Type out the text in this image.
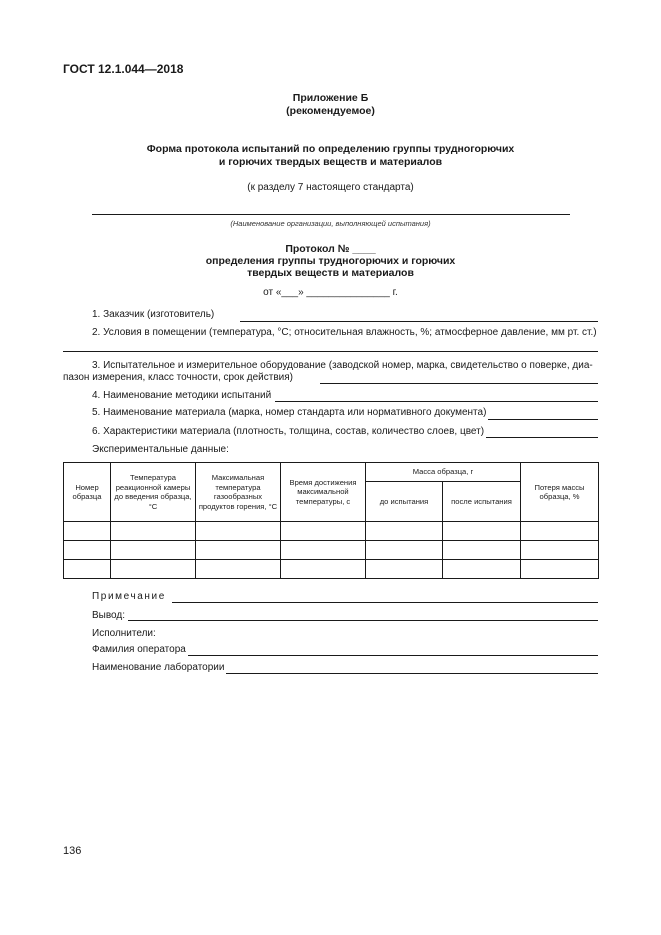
ГОСТ 12.1.044—2018
Приложение Б
(рекомендуемое)
Форма протокола испытаний по определению группы трудногорючих
и горючих твердых веществ и материалов
(к разделу 7 настоящего стандарта)
(Наименование организации, выполняющей испытания)
Протокол № ____
определения группы трудногорючих и горючих
твердых веществ и материалов
от «___» _______________ г.
1. Заказчик (изготовитель)
2. Условия в помещении (температура, °С; относительная влажность, %; атмосферное давление, мм рт. ст.)
3. Испытательное и измерительное оборудование (заводской номер, марка, свидетельство о поверке, диа-
пазон измерения, класс точности, срок действия)
4. Наименование методики испытаний
5. Наименование материала (марка, номер стандарта или нормативного документа)
6. Характеристики материала (плотность, толщина, состав, количество слоев, цвет)
Экспериментальные данные:
Номер образца	Температура реакционной камеры до введения образца, °С	Максимальная температура газообразных продуктов горения, °С	Время достижения максимальной температуры, с	Масса образца, г		Потеря массы образца, %
				до испытания	после испытания	

Примечание
Вывод:
Исполнители:
Фамилия оператора
Наименование лаборатории
136
